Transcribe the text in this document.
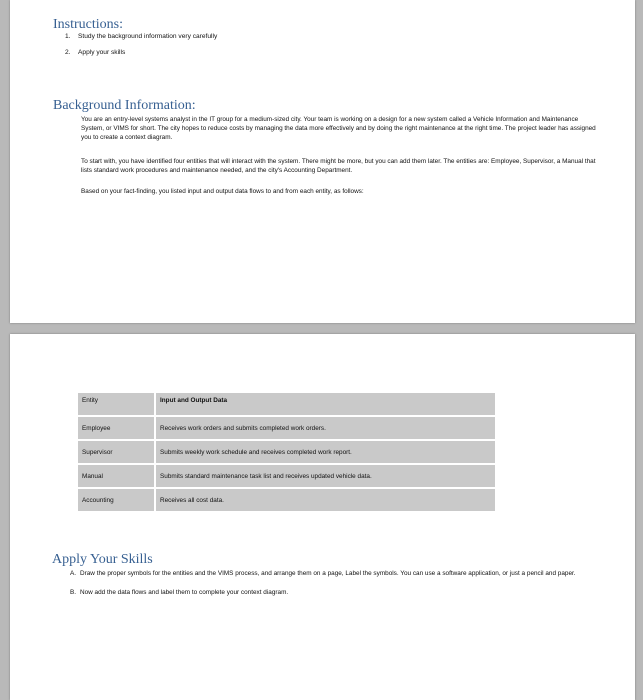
Instructions:
1. Study the background information very carefully
2. Apply your skills
Background Information:

You are an entry-level systems analyst in the IT group for a medium-sized city. Your team is working on a design for a new system called a Vehicle Information and Maintenance System, or VIMS for short. The city hopes to reduce costs by managing the data more effectively and by doing the right maintenance at the right time. The project leader has assigned you to create a context diagram.

To start with, you have identified four entities that will interact with the system. There might be more, but you can add them later. The entities are: Employee, Supervisor, a Manual that lists standard work procedures and maintenance needed, and the city's Accounting Department.

Based on your fact-finding, you listed input and output data flows to and from each entity, as follows:

Entity	Input and Output Data
Employee	Receives work orders and submits completed work orders.
Supervisor	Submits weekly work schedule and receives completed work report.
Manual	Submits standard maintenance task list and receives updated vehicle data.
Accounting	Receives all cost data.
Apply Your Skills
A. Draw the proper symbols for the entities and the VIMS process, and arrange them on a page, Label the symbols. You can use a software application, or just a pencil and paper.
B. Now add the data flows and label them to complete your context diagram.
